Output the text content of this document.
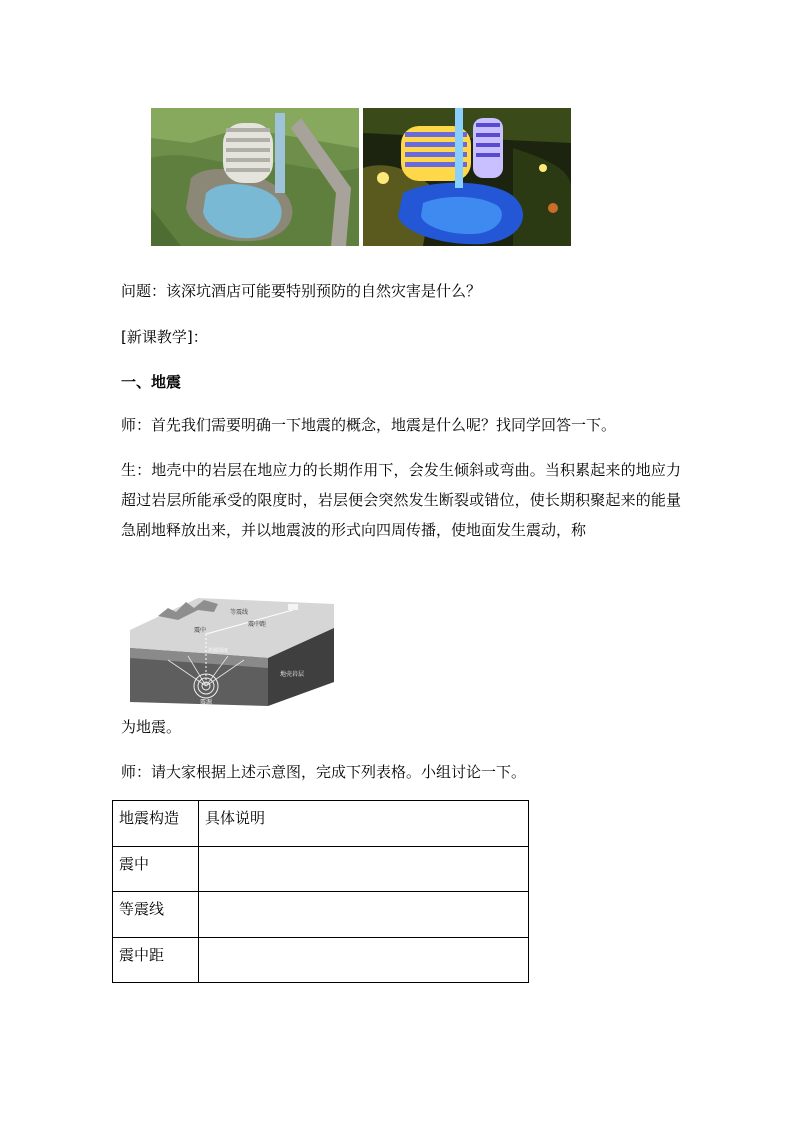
问题：该深坑酒店可能要特别预防的自然灾害是什么？
[新课教学]：
一、地震
师：首先我们需要明确一下地震的概念，地震是什么呢？找同学回答一下。
生：地壳中的岩层在地应力的长期作用下，会发生倾斜或弯曲。当积累起来的地应力超过岩层所能承受的限度时，岩层便会突然发生断裂或错位，使长期积聚起来的能量急剧地释放出来，并以地震波的形式向四周传播，使地面发生震动，称
等震线
震中
震中距
震源深度
地壳岩层
震源
为地震。
师：请大家根据上述示意图，完成下列表格。小组讨论一下。
地震构造	具体说明
震中	
等震线	
震中距	
